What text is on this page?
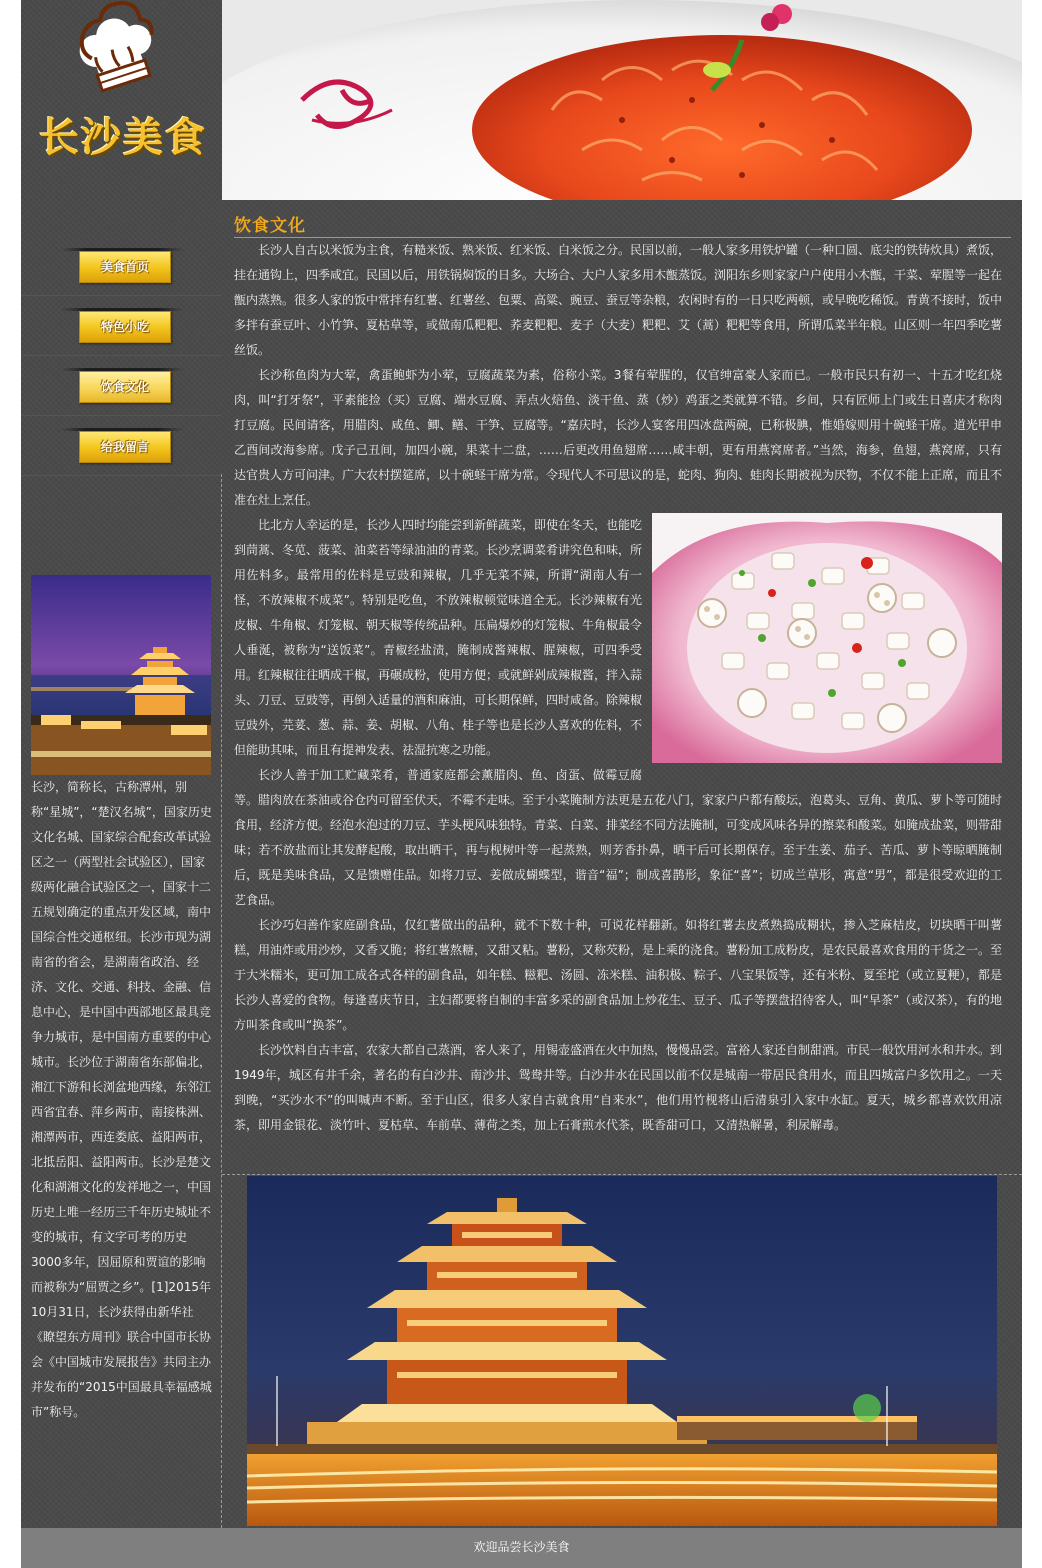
长沙美食
美食首页
特色小吃
饮食文化
给我留言
长沙，简称长，古称潭州，别称“星城”，“楚汉名城”，国家历史文化名城、国家综合配套改革试验区之一（两型社会试验区），国家级两化融合试验区之一，国家十二五规划确定的重点开发区域，南中国综合性交通枢纽。长沙市现为湖南省的省会，是湖南省政治、经济、文化、交通、科技、金融、信息中心，是中国中西部地区最具竞争力城市，是中国南方重要的中心城市。长沙位于湖南省东部偏北，湘江下游和长浏盆地西缘，东邻江西省宜春、萍乡两市，南接株洲、湘潭两市，西连娄底、益阳两市，北抵岳阳、益阳两市。长沙是楚文化和湖湘文化的发祥地之一，中国历史上唯一经历三千年历史城址不变的城市，有文字可考的历史3000多年，因屈原和贾谊的影响而被称为“屈贾之乡”。[1]2015年10月31日，长沙获得由新华社《瞭望东方周刊》联合中国市长协会《中国城市发展报告》共同主办并发布的“2015中国最具幸福感城市”称号。
饮食文化

长沙人自古以米饭为主食，有糙米饭、熟米饭、红米饭、白米饭之分。民国以前，一般人家多用铁炉罐（一种口圆、底尖的铁铸炊具）煮饭，挂在通钩上，四季咸宜。民国以后，用铁锅焖饭的日多。大场合、大户人家多用木甑蒸饭。浏阳东乡则家家户户使用小木甑，干菜、荤腥等一起在甑内蒸熟。很多人家的饭中常拌有红薯、红薯丝、包粟、高粱、豌豆、蚕豆等杂粮，农闲时有的一日只吃两顿，或早晚吃稀饭。青黄不接时，饭中多拌有蚕豆叶、小竹笋、夏枯草等，或做南瓜粑粑、荞麦粑粑、麦子（大麦）粑粑、艾（蒿）粑粑等食用，所谓瓜菜半年粮。山区则一年四季吃薯丝饭。

长沙称鱼肉为大荤，禽蛋鲍虾为小荤，豆腐蔬菜为素，俗称小菜。3餐有荤腥的，仅官绅富豪人家而已。一般市民只有初一、十五才吃红烧肉，叫“打牙祭”，平素能捡（买）豆腐、端水豆腐、弄点火焙鱼、淡干鱼、蒸（炒）鸡蛋之类就算不错。乡间，只有匠师上门或生日喜庆才称肉打豆腐。民间请客，用腊肉、咸鱼、鲫、鳝、干笋、豆腐等。“嘉庆时，长沙人宴客用四冰盘两碗，已称极腆，惟婚嫁则用十碗蛏干席。道光甲申乙酉间改海参席。戊子己丑间，加四小碗，果菜十二盘，……后更改用鱼翅席……咸丰朝，更有用燕窝席者。”当然，海参，鱼翅，燕窝席，只有达官贵人方可问津。广大农村摆筵席，以十碗蛏干席为常。令现代人不可思议的是，蛇肉、狗肉、蛙肉长期被视为厌物，不仅不能上正席，而且不准在灶上烹任。

比北方人幸运的是，长沙人四时均能尝到新鲜蔬菜，即使在冬天，也能吃到茼蒿、冬苋、菠菜、油菜苔等绿油油的青菜。长沙烹调菜肴讲究色和味，所用佐料多。最常用的佐料是豆豉和辣椒，几乎无菜不辣，所谓“湖南人有一怪，不放辣椒不成菜”。特别是吃鱼，不放辣椒顿觉味道全无。长沙辣椒有光皮椒、牛角椒、灯笼椒、朝天椒等传统品种。压扁爆炒的灯笼椒、牛角椒最令人垂涎，被称为“送饭菜”。青椒经盐渍，腌制成酱辣椒、腥辣椒，可四季受用。红辣椒往往晒成干椒，再碾成粉，使用方便；或就鲜剁成辣椒酱，拌入蒜头、刀豆、豆豉等，再倒入适量的酒和麻油，可长期保鲜，四时咸备。除辣椒豆豉外，芫荽、葱、蒜、姜、胡椒、八角、桂子等也是长沙人喜欢的佐料，不但能助其味，而且有提神发表、祛湿抗寒之功能。

长沙人善于加工贮藏菜肴，普通家庭都会薰腊肉、鱼、卤蛋、做霉豆腐等。腊肉放在茶油或谷仓内可留至伏天，不霉不走味。至于小菜腌制方法更是五花八门，家家户户都有酸坛，泡葛头、豆角、黄瓜、萝卜等可随时食用，经济方便。经泡水泡过的刀豆、芋头梗风味独特。青菜、白菜、排菜经不同方法腌制，可变成风味各异的擦菜和酸菜。如腌成盐菜，则带甜味；若不放盐而让其发酵起酸，取出晒干，再与枧树叶等一起蒸熟，则芳香扑鼻，晒干后可长期保存。至于生姜、茄子、苦瓜、萝卜等晾晒腌制后，既是美味食品，又是馈赠佳品。如将刀豆、姜做成蝴蝶型，谐音“福”；制成喜鹊形，象征“喜”；切成兰草形，寓意“男”，都是很受欢迎的工艺食品。

长沙巧妇善作家庭副食品，仅红薯做出的品种，就不下数十种，可说花样翻新。如将红薯去皮煮熟捣成糊状，掺入芝麻桔皮，切块晒干叫薯糕，用油炸或用沙炒，又香又脆；将红薯熬糖，又甜又粘。薯粉，又称芡粉，是上乘的浇食。薯粉加工成粉皮，是农民最喜欢食用的干货之一。至于大米糯米，更可加工成各式各样的副食品，如年糕、糍粑、汤圆、冻米糕、油积极、粽子、八宝果饭等，还有米粉、夏至坨（或立夏粳），都是长沙人喜爱的食物。每逢喜庆节日，主妇都要将自制的丰富多采的副食品加上炒花生、豆子、瓜子等摆盘招待客人，叫“早茶”（或汉茶），有的地方叫茶食或叫“换茶”。

长沙饮料自古丰富，农家大都自己蒸酒，客人来了，用锡壶盛酒在火中加热，慢慢品尝。富裕人家还自制甜酒。市民一般饮用河水和井水。到1949年，城区有井千余，著名的有白沙井、南沙井、鸳鸯井等。白沙井水在民国以前不仅是城南一带居民食用水，而且四城富户多饮用之。一天到晚，“买沙水不”的叫喊声不断。至于山区，很多人家自古就食用“自来水”，他们用竹枧将山后清泉引入家中水缸。夏天，城乡都喜欢饮用凉茶，即用金银花、淡竹叶、夏枯草、车前草、薄荷之类，加上石膏煎水代茶，既香甜可口，又清热解暑，利尿解毒。

欢迎品尝长沙美食
